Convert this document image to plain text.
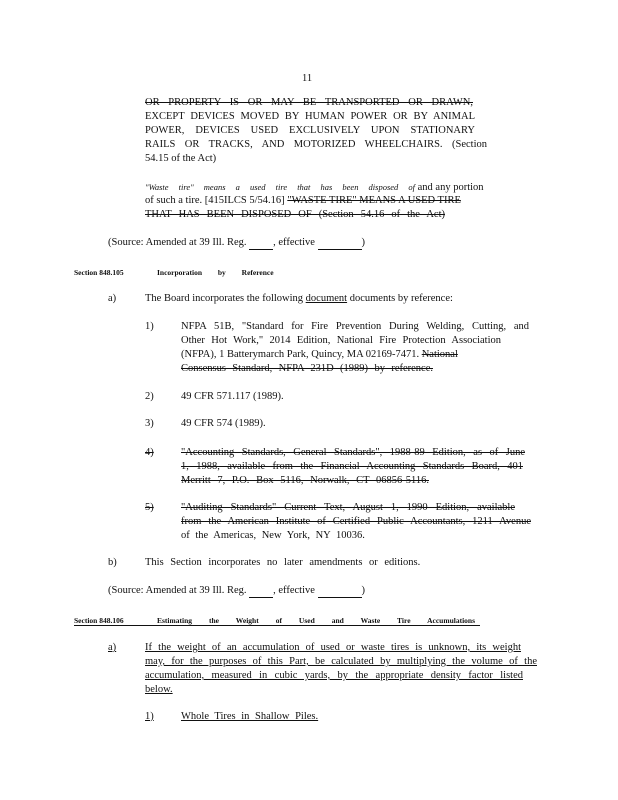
11
OR PROPERTY IS OR MAY BE TRANSPORTED OR DRAWN,
EXCEPT DEVICES MOVED BY HUMAN POWER OR BY ANIMAL
POWER, DEVICES USED EXCLUSIVELY UPON STATIONARY
RAILS OR TRACKS, AND MOTORIZED WHEELCHAIRS. (Section
54.15 of the Act)
"Waste tire" means a used tire that has been disposed of and any portion
of such a tire. [415ILCS 5/54.16] "WASTE TIRE" MEANS A USED TIRE
THAT HAS BEEN DISPOSED OF (Section 54.16 of the Act)
(Source: Amended at 39 Ill. Reg. , effective	)
Section 848.105	Incorporation by Reference
a)	The Board incorporates the following document documents by reference:
1)	NFPA 51B, "Standard for Fire Prevention During Welding, Cutting, and
Other Hot Work," 2014 Edition, National Fire Protection Association
(NFPA), 1 Batterymarch Park, Quincy, MA 02169-7471. National
Consensus Standard, NFPA 231D (1989) by reference.
2)	49 CFR 571.117 (1989).
3)	49 CFR 574 (1989).
4)	"Accounting Standards, General Standards", 1988-89 Edition, as of June
1, 1988, available from the Financial Accounting Standards Board, 401
Merritt 7, P.O. Box 5116, Norwalk, CT 06856-5116.
5)	"Auditing Standards" Current Text, August 1, 1990 Edition, available
from the American Institute of Certified Public Accountants, 1211 Avenue
of the Americas, New York, NY 10036.
b)	This Section incorporates no later amendments or editions.
(Source: Amended at 39 Ill. Reg. , effective	)
Section 848.106	Estimating the Weight of Used and Waste Tire Accumulations
a)	If the weight of an accumulation of used or waste tires is unknown, its weight
may, for the purposes of this Part, be calculated by multiplying the volume of the
accumulation, measured in cubic yards, by the appropriate density factor listed
below.
1)	Whole Tires in Shallow Piles.
